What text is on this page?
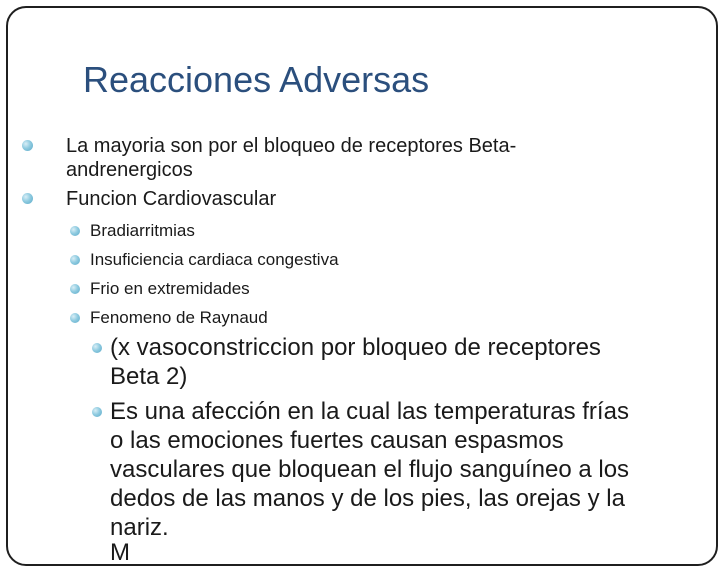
Reacciones Adversas

La mayoria son por el bloqueo de receptores Beta-

andrenergicos

Funcion Cardiovascular

Bradiarritmias

Insuficiencia cardiaca congestiva

Frio en extremidades

Fenomeno de Raynaud

(x vasoconstriccion por bloqueo de receptores

Beta 2)

Es una afección en la cual las temperaturas frías

o las emociones fuertes causan espasmos

vasculares que bloquean el flujo sanguíneo a los

dedos de las manos y de los pies, las orejas y la

nariz.

M
